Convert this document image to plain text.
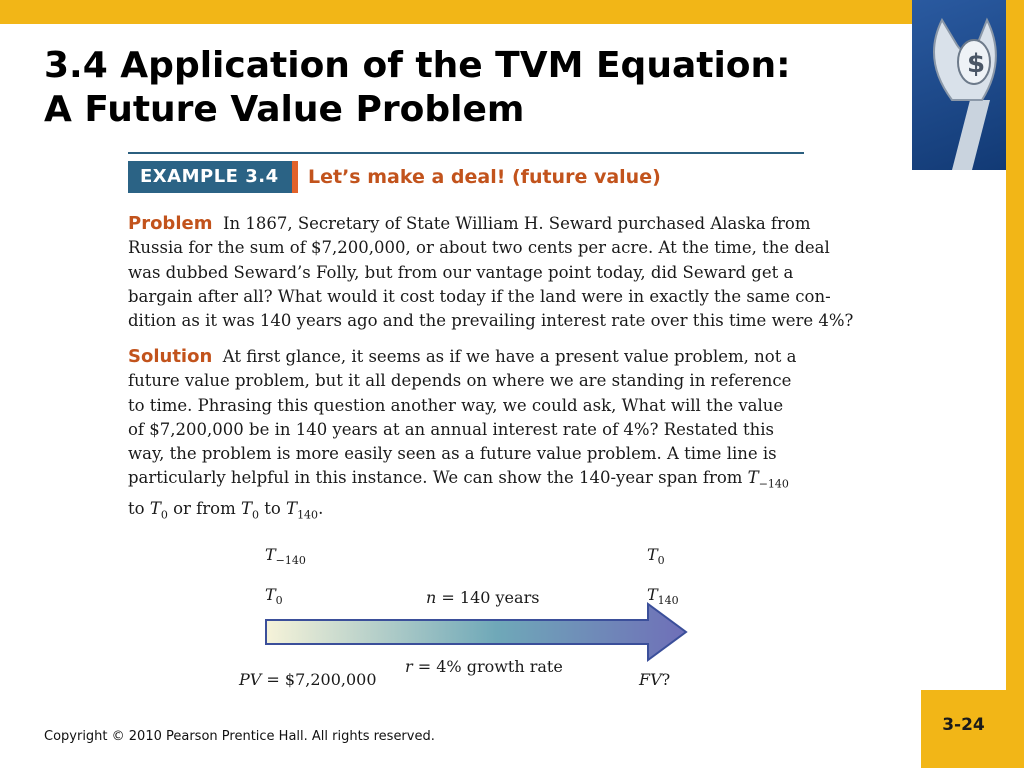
$
3.4 Application of the TVM Equation:
A Future Value Problem
EXAMPLE 3.4	Let’s make a deal! (future value)
Problem In 1867, Secretary of State William H. Seward purchased Alaska from
Russia for the sum of $7,200,000, or about two cents per acre. At the time, the deal
was dubbed Seward’s Folly, but from our vantage point today, did Seward get a
bargain after all? What would it cost today if the land were in exactly the same con-
dition as it was 140 years ago and the prevailing interest rate over this time were 4%?
Solution At first glance, it seems as if we have a present value problem, not a
future value problem, but it all depends on where we are standing in reference
to time. Phrasing this question another way, we could ask, What will the value
of $7,200,000 be in 140 years at an annual interest rate of 4%? Restated this
way, the problem is more easily seen as a future value problem. A time line is
particularly helpful in this instance. We can show the 140-year span from $T_{-140}$
to $T_0$ or from $T_0$ to $T_{140}$.
$T_{-140}$	$T_0$
$T_0$	$T_{140}$
n = 140 years
r = 4% growth rate
PV = $7,200,000	FV?
Copyright © 2010 Pearson Prentice Hall. All rights reserved.
3-24
